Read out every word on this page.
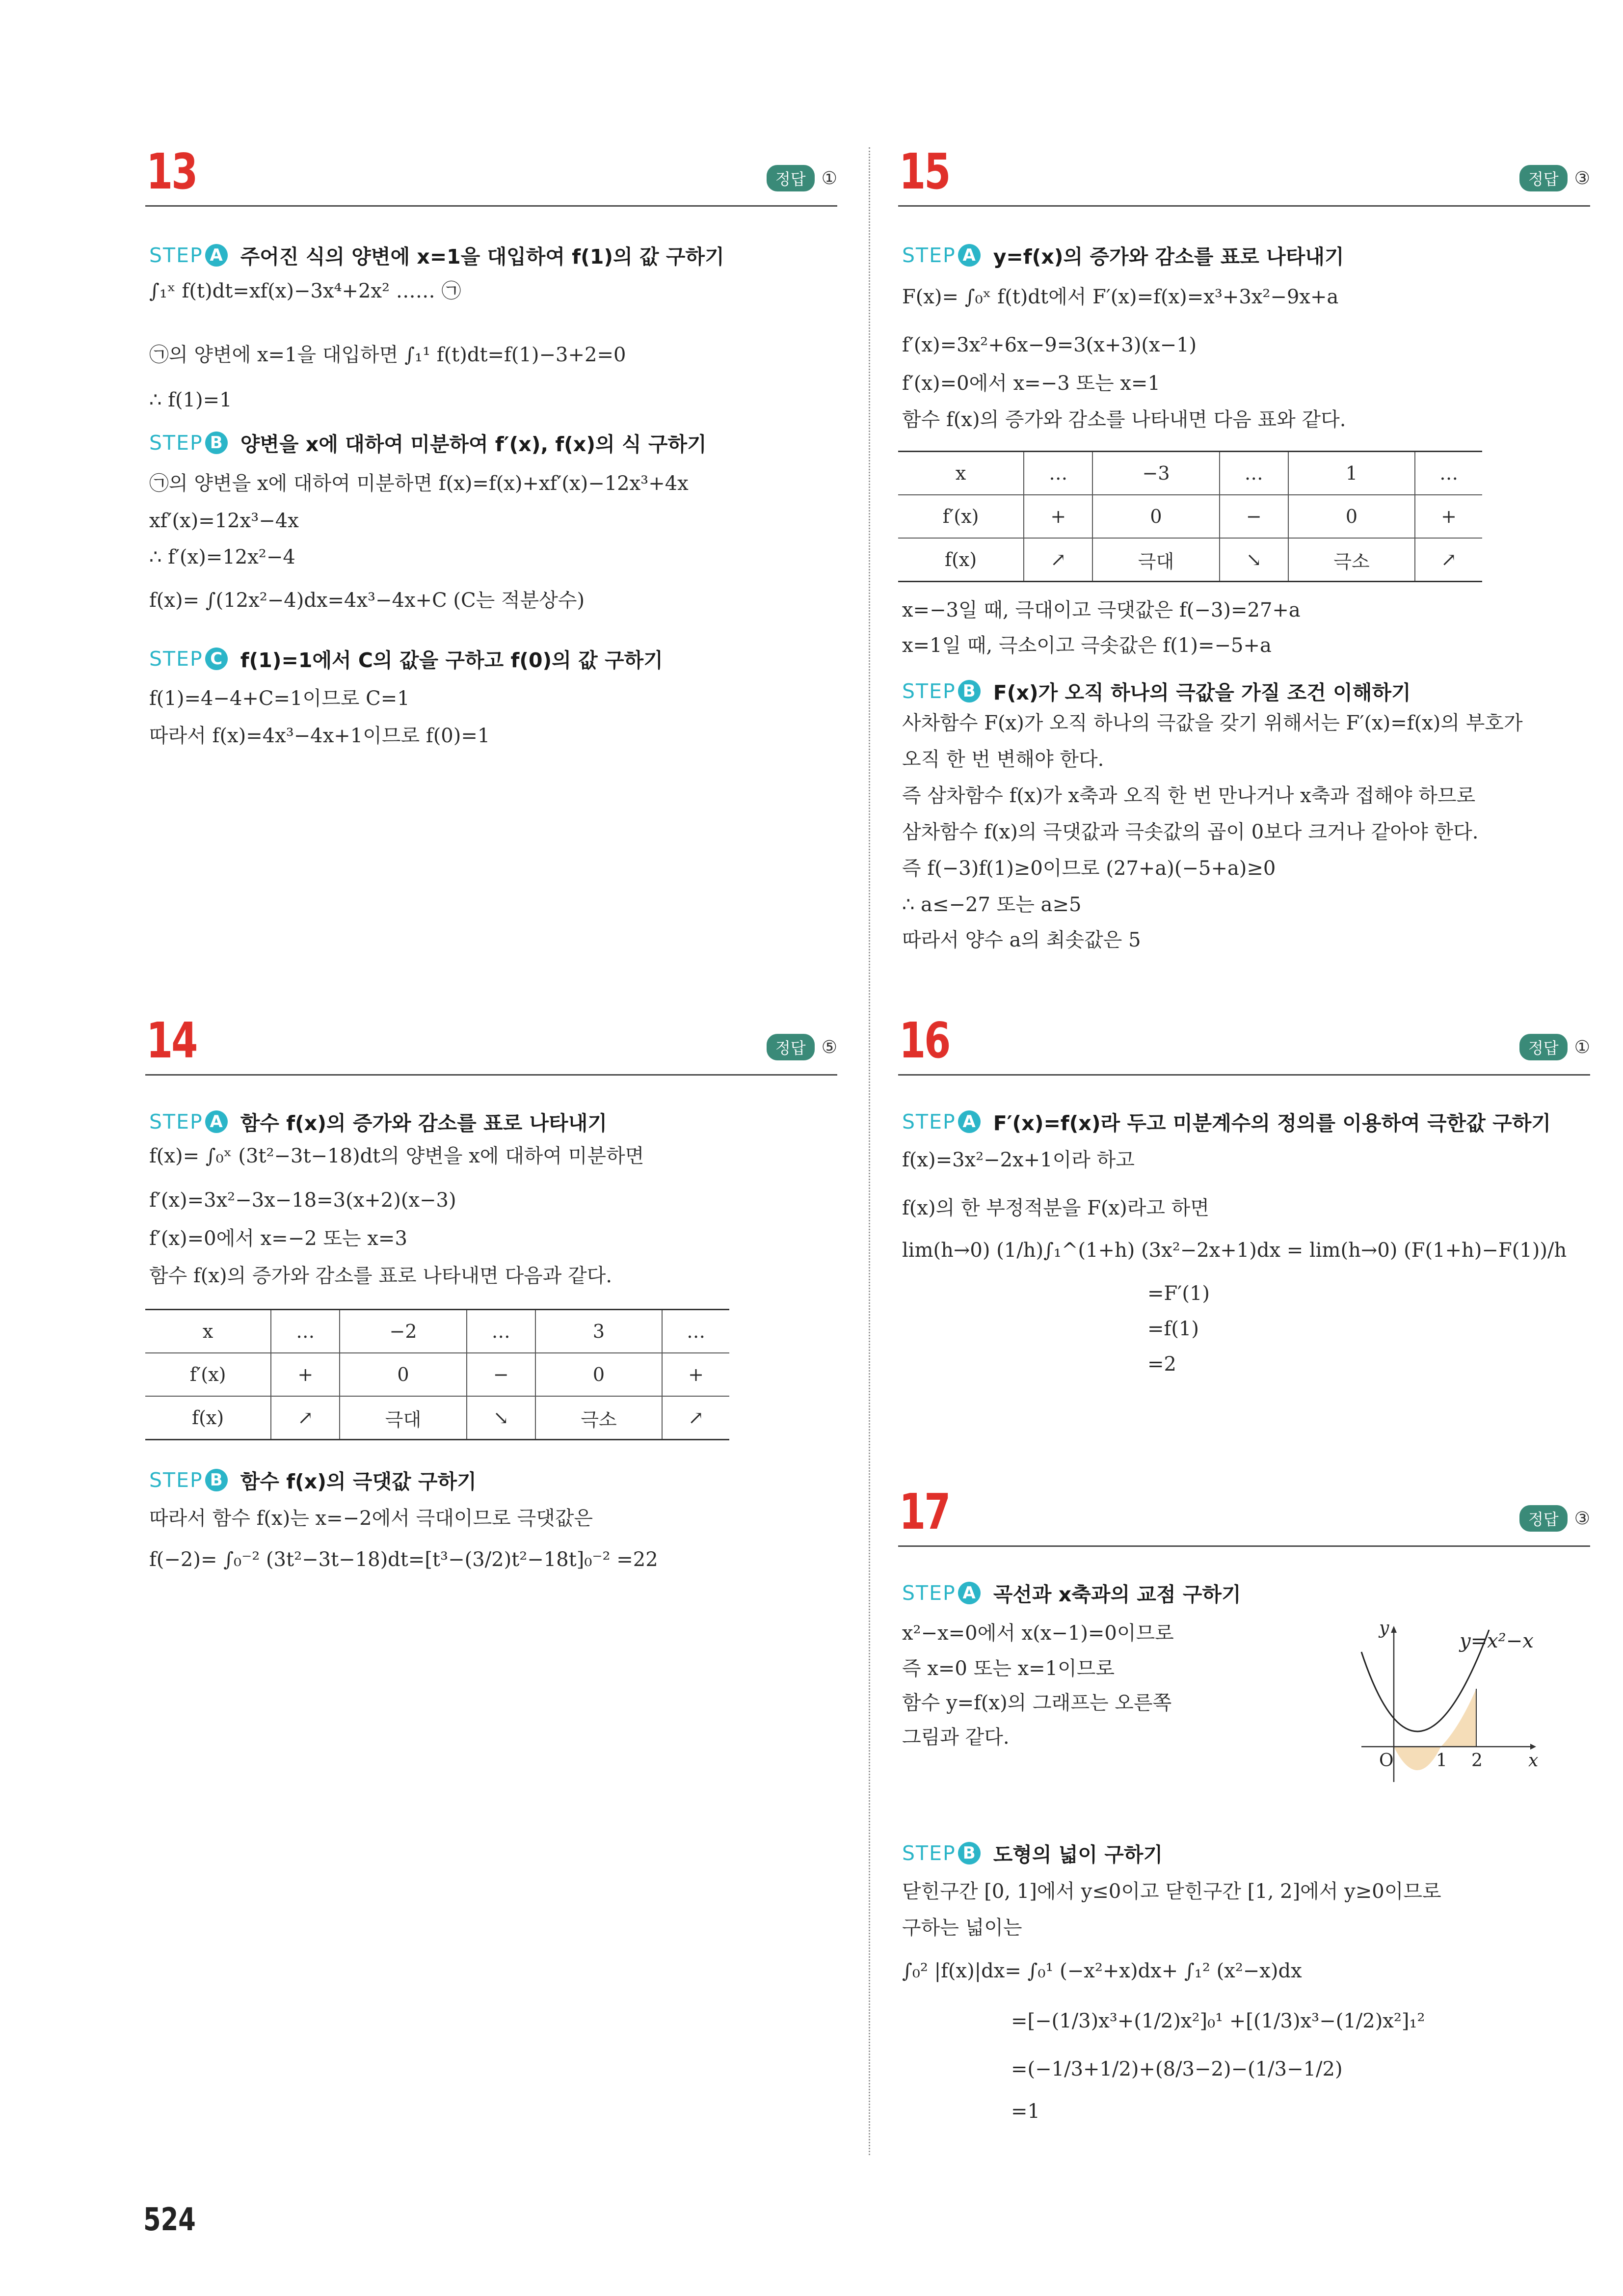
13	정답 ①
STEP A 주어진 식의 양변에 x=1을 대입하여 f(1)의 값 구하기
∫₁ˣ f(t)dt=xf(x)−3x⁴+2x² …… ㉠
㉠의 양변에 x=1을 대입하면 ∫₁¹ f(t)dt=f(1)−3+2=0
∴ f(1)=1
STEP B 양변을 x에 대하여 미분하여 f′(x), f(x)의 식 구하기
㉠의 양변을 x에 대하여 미분하면 f(x)=f(x)+xf′(x)−12x³+4x
xf′(x)=12x³−4x
∴ f′(x)=12x²−4
f(x)= ∫(12x²−4)dx=4x³−4x+C (C는 적분상수)
STEP C f(1)=1에서 C의 값을 구하고 f(0)의 값 구하기
f(1)=4−4+C=1이므로 C=1
따라서 f(x)=4x³−4x+1이므로 f(0)=1
14	정답 ⑤
STEP A 함수 f(x)의 증가와 감소를 표로 나타내기
f(x)= ∫₀ˣ (3t²−3t−18)dt의 양변을 x에 대하여 미분하면
f′(x)=3x²−3x−18=3(x+2)(x−3)
f′(x)=0에서 x=−2 또는 x=3
함수 f(x)의 증가와 감소를 표로 나타내면 다음과 같다.
x	…	−2	…	3	…
f′(x)	+	0	−	0	+
f(x)	↗	극대	↘	극소	↗
STEP B 함수 f(x)의 극댓값 구하기
따라서 함수 f(x)는 x=−2에서 극대이므로 극댓값은
f(−2)= ∫₀⁻² (3t²−3t−18)dt=[t³−(3/2)t²−18t]₀⁻² =22
15	정답 ③
STEP A y=f(x)의 증가와 감소를 표로 나타내기
F(x)= ∫₀ˣ f(t)dt에서 F′(x)=f(x)=x³+3x²−9x+a
f′(x)=3x²+6x−9=3(x+3)(x−1)
f′(x)=0에서 x=−3 또는 x=1
함수 f(x)의 증가와 감소를 나타내면 다음 표와 같다.
x	…	−3	…	1	…
f′(x)	+	0	−	0	+
f(x)	↗	극대	↘	극소	↗
x=−3일 때, 극대이고 극댓값은 f(−3)=27+a
x=1일 때, 극소이고 극솟값은 f(1)=−5+a
STEP B F(x)가 오직 하나의 극값을 가질 조건 이해하기
사차함수 F(x)가 오직 하나의 극값을 갖기 위해서는 F′(x)=f(x)의 부호가
오직 한 번 변해야 한다.
즉 삼차함수 f(x)가 x축과 오직 한 번 만나거나 x축과 접해야 하므로
삼차함수 f(x)의 극댓값과 극솟값의 곱이 0보다 크거나 같아야 한다.
즉 f(−3)f(1)≥0이므로 (27+a)(−5+a)≥0
∴ a≤−27 또는 a≥5
따라서 양수 a의 최솟값은 5
16	정답 ①
STEP A F′(x)=f(x)라 두고 미분계수의 정의를 이용하여 극한값 구하기
f(x)=3x²−2x+1이라 하고
f(x)의 한 부정적분을 F(x)라고 하면
lim(h→0) (1/h)∫₁^(1+h) (3x²−2x+1)dx = lim(h→0) (F(1+h)−F(1))/h
=F′(1)
=f(1)
=2
17	정답 ③
STEP A 곡선과 x축과의 교점 구하기
x²−x=0에서 x(x−1)=0이므로
즉 x=0 또는 x=1이므로
함수 y=f(x)의 그래프는 오른쪽
그림과 같다.
y=x²−x
y
x
O 1 2
STEP B 도형의 넓이 구하기
닫힌구간 [0, 1]에서 y≤0이고 닫힌구간 [1, 2]에서 y≥0이므로
구하는 넓이는
∫₀² |f(x)|dx= ∫₀¹ (−x²+x)dx+ ∫₁² (x²−x)dx
=[−(1/3)x³+(1/2)x²]₀¹ +[(1/3)x³−(1/2)x²]₁²
=(−1/3+1/2)+(8/3−2)−(1/3−1/2)
=1
524
